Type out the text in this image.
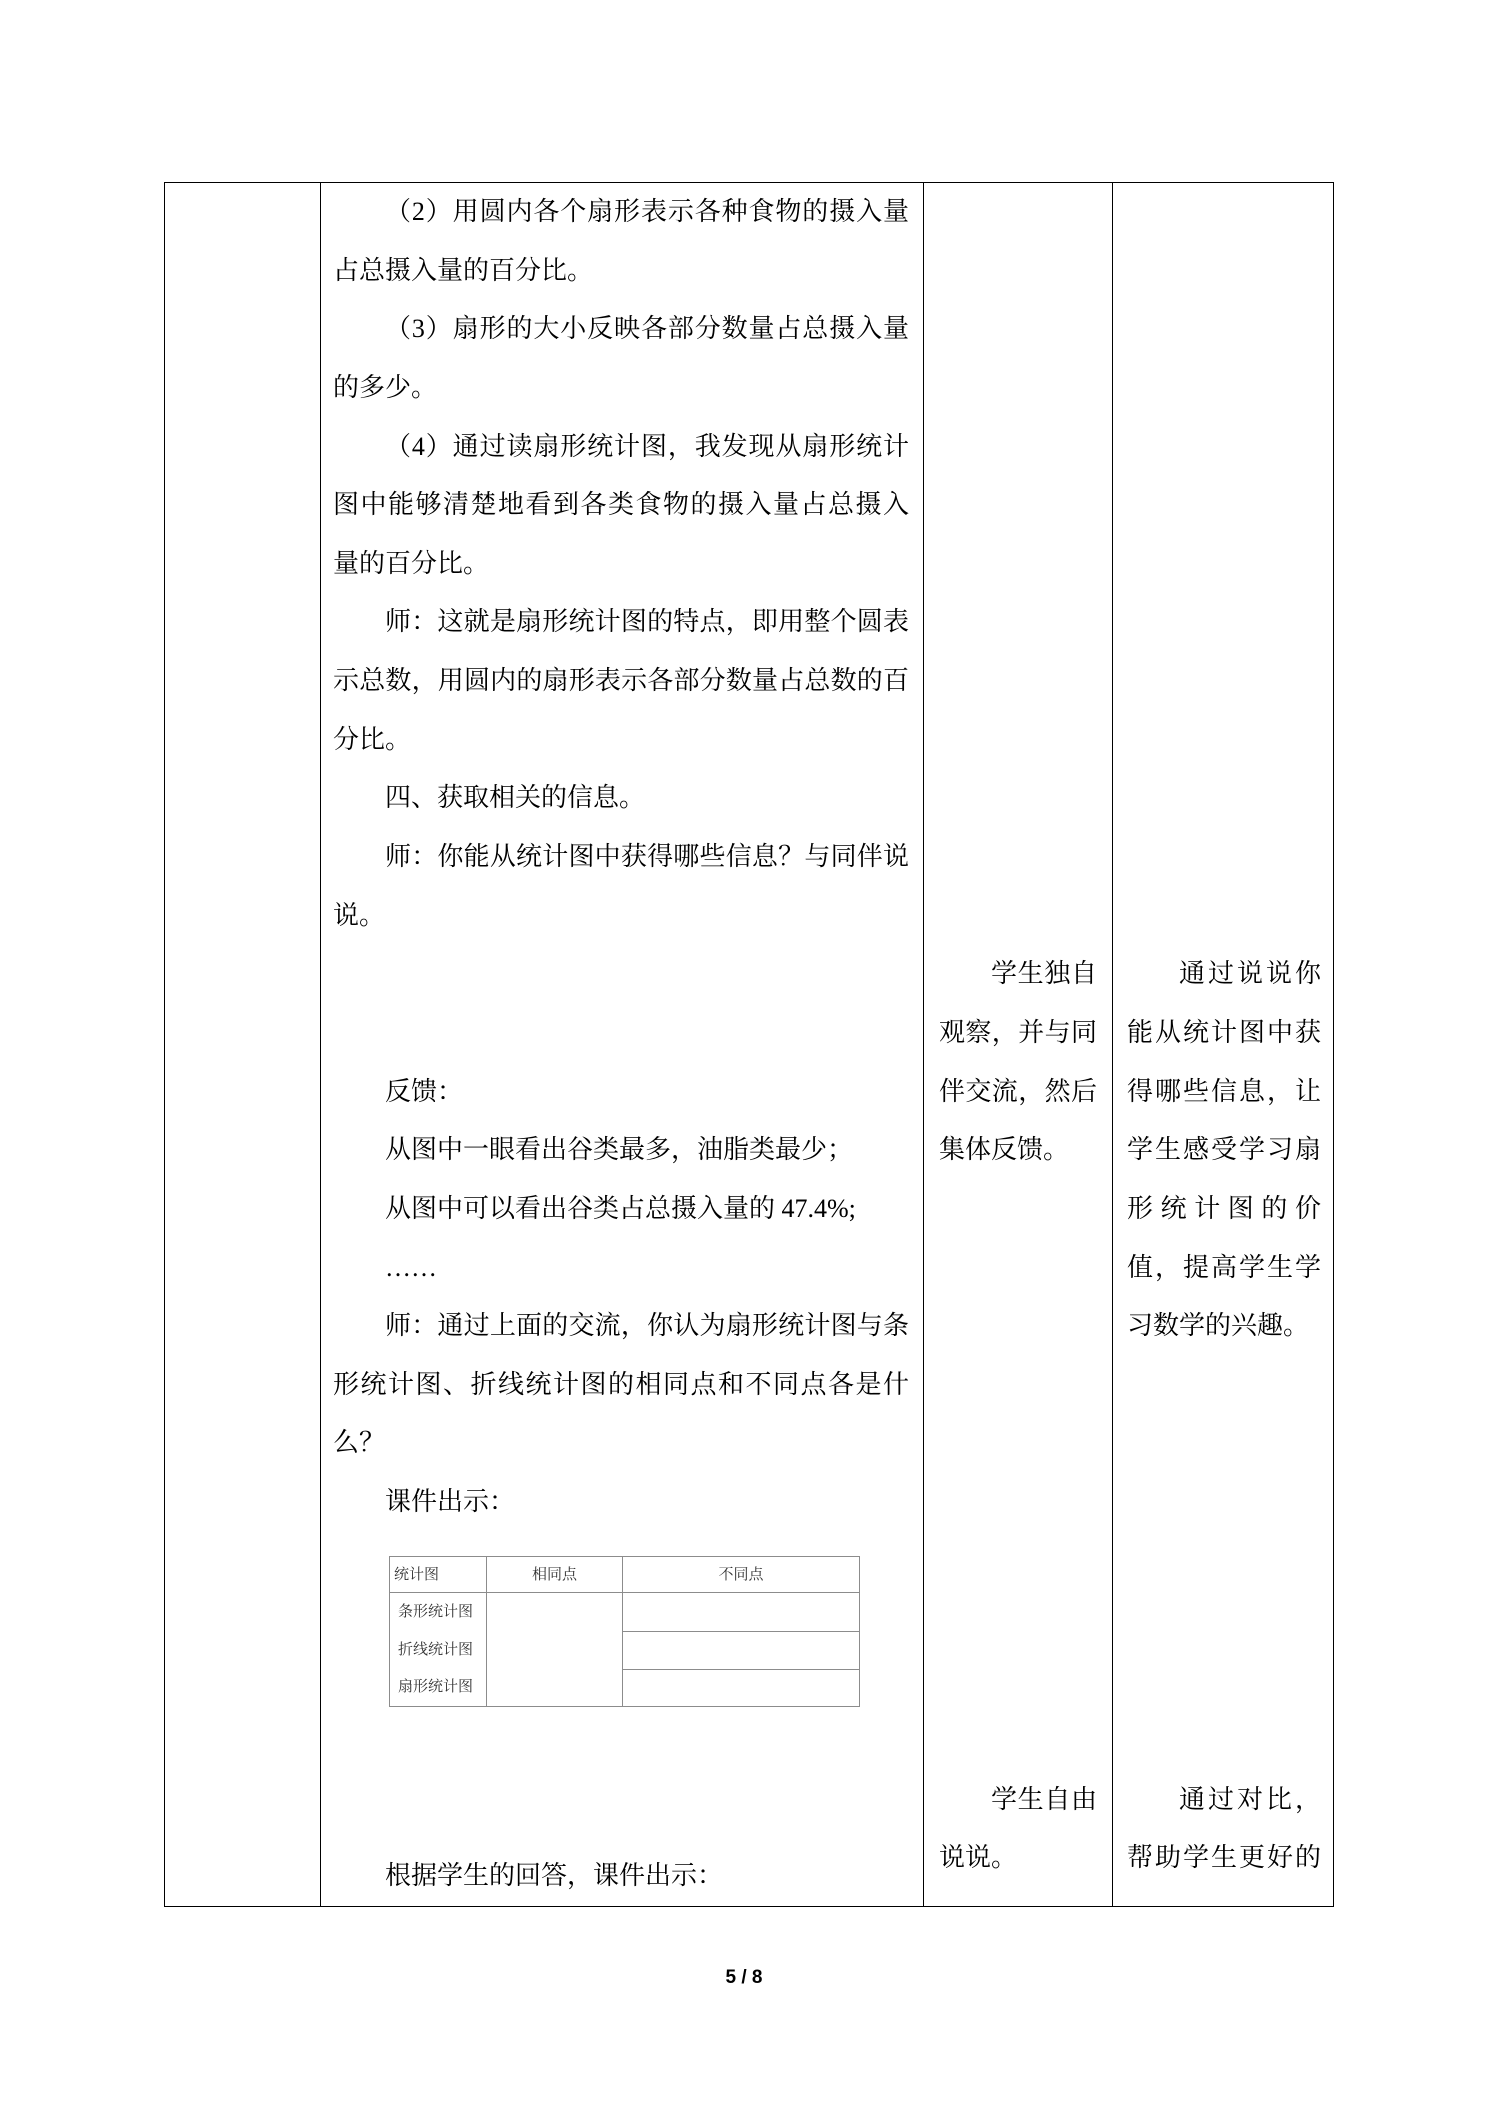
（2）用圆内各个扇形表示各种食物的摄入量
占总摄入量的百分比。
（3）扇形的大小反映各部分数量占总摄入量
的多少。
（4）通过读扇形统计图，我发现从扇形统计
图中能够清楚地看到各类食物的摄入量占总摄入
量的百分比。
师：这就是扇形统计图的特点，即用整个圆表
示总数，用圆内的扇形表示各部分数量占总数的百
分比。
四、获取相关的信息。
师：你能从统计图中获得哪些信息？与同伴说
说。
反馈：
从图中一眼看出谷类最多，油脂类最少；
从图中可以看出谷类占总摄入量的 47.4%;
……
师：通过上面的交流，你认为扇形统计图与条
形统计图、折线统计图的相同点和不同点各是什
么？
课件出示：
统计图	相同点	不同点
条形统计图
折线统计图
扇形统计图
根据学生的回答，课件出示：
学生独自
观察，并与同
伴交流，然后
集体反馈。
学生自由
说说。
通过说说你
能从统计图中获
得哪些信息，让
学生感受学习扇
形统计图的价
值，提高学生学
习数学的兴趣。
通过对比，
帮助学生更好的
5 / 8
